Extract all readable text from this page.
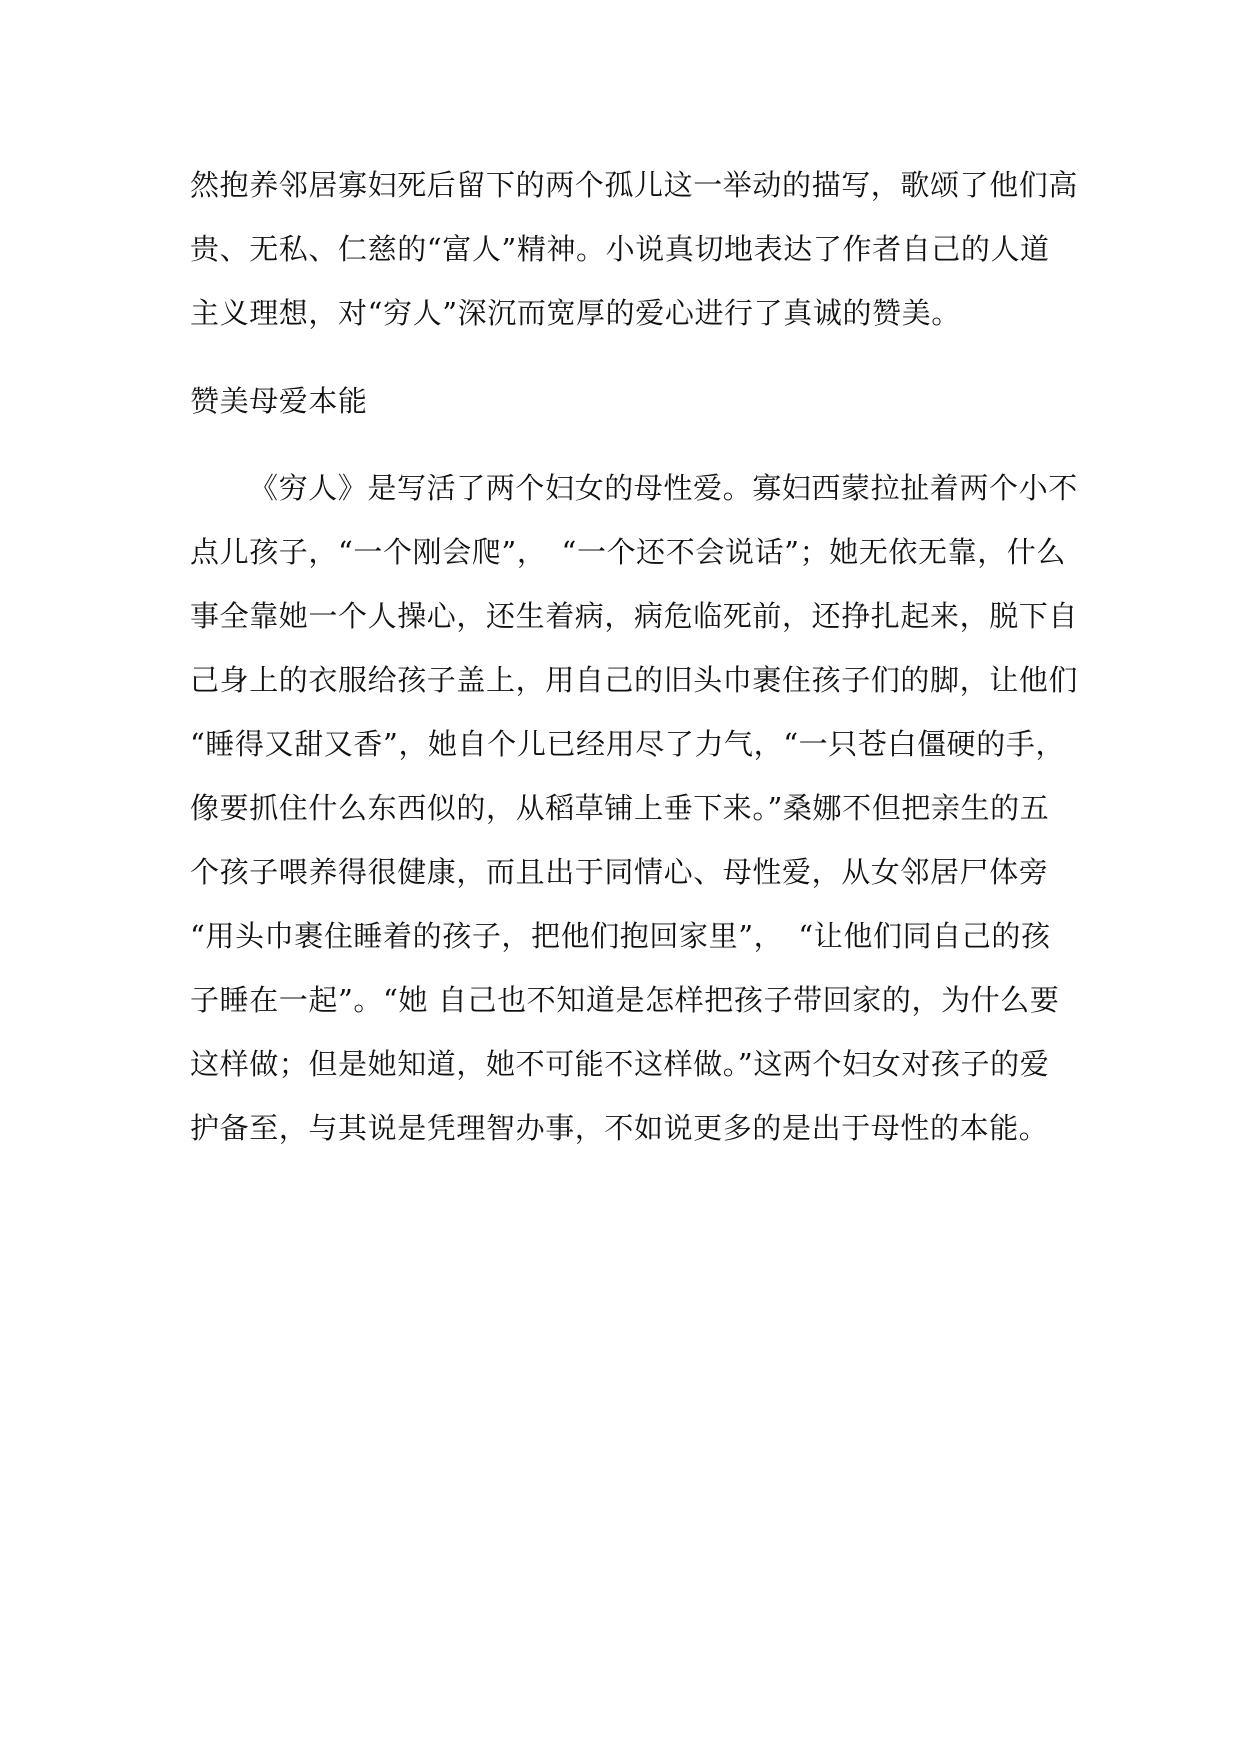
然抱养邻居寡妇死后留下的两个孤儿这一举动的描写，歌颂了他们高
贵、无私、仁慈的“富人”精神。小说真切地表达了作者自己的人道
主义理想，对“穷人”深沉而宽厚的爱心进行了真诚的赞美。
赞美母爱本能
《穷人》是写活了两个妇女的母性爱。寡妇西蒙拉扯着两个小不
点儿孩子，“一个刚会爬”，　“一个还不会说话”；她无依无靠，什么
事全靠她一个人操心，还生着病，病危临死前，还挣扎起来，脱下自
己身上的衣服给孩子盖上，用自己的旧头巾裹住孩子们的脚，让他们
“睡得又甜又香”，她自个儿已经用尽了力气，“一只苍白僵硬的手，
像要抓住什么东西似的，从稻草铺上垂下来。”桑娜不但把亲生的五
个孩子喂养得很健康，而且出于同情心、母性爱，从女邻居尸体旁
“用头巾裹住睡着的孩子，把他们抱回家里”，　“让他们同自己的孩
子睡在一起”。“她 自己也不知道是怎样把孩子带回家的，为什么要
这样做；但是她知道，她不可能不这样做。”这两个妇女对孩子的爱
护备至，与其说是凭理智办事，不如说更多的是出于母性的本能。
